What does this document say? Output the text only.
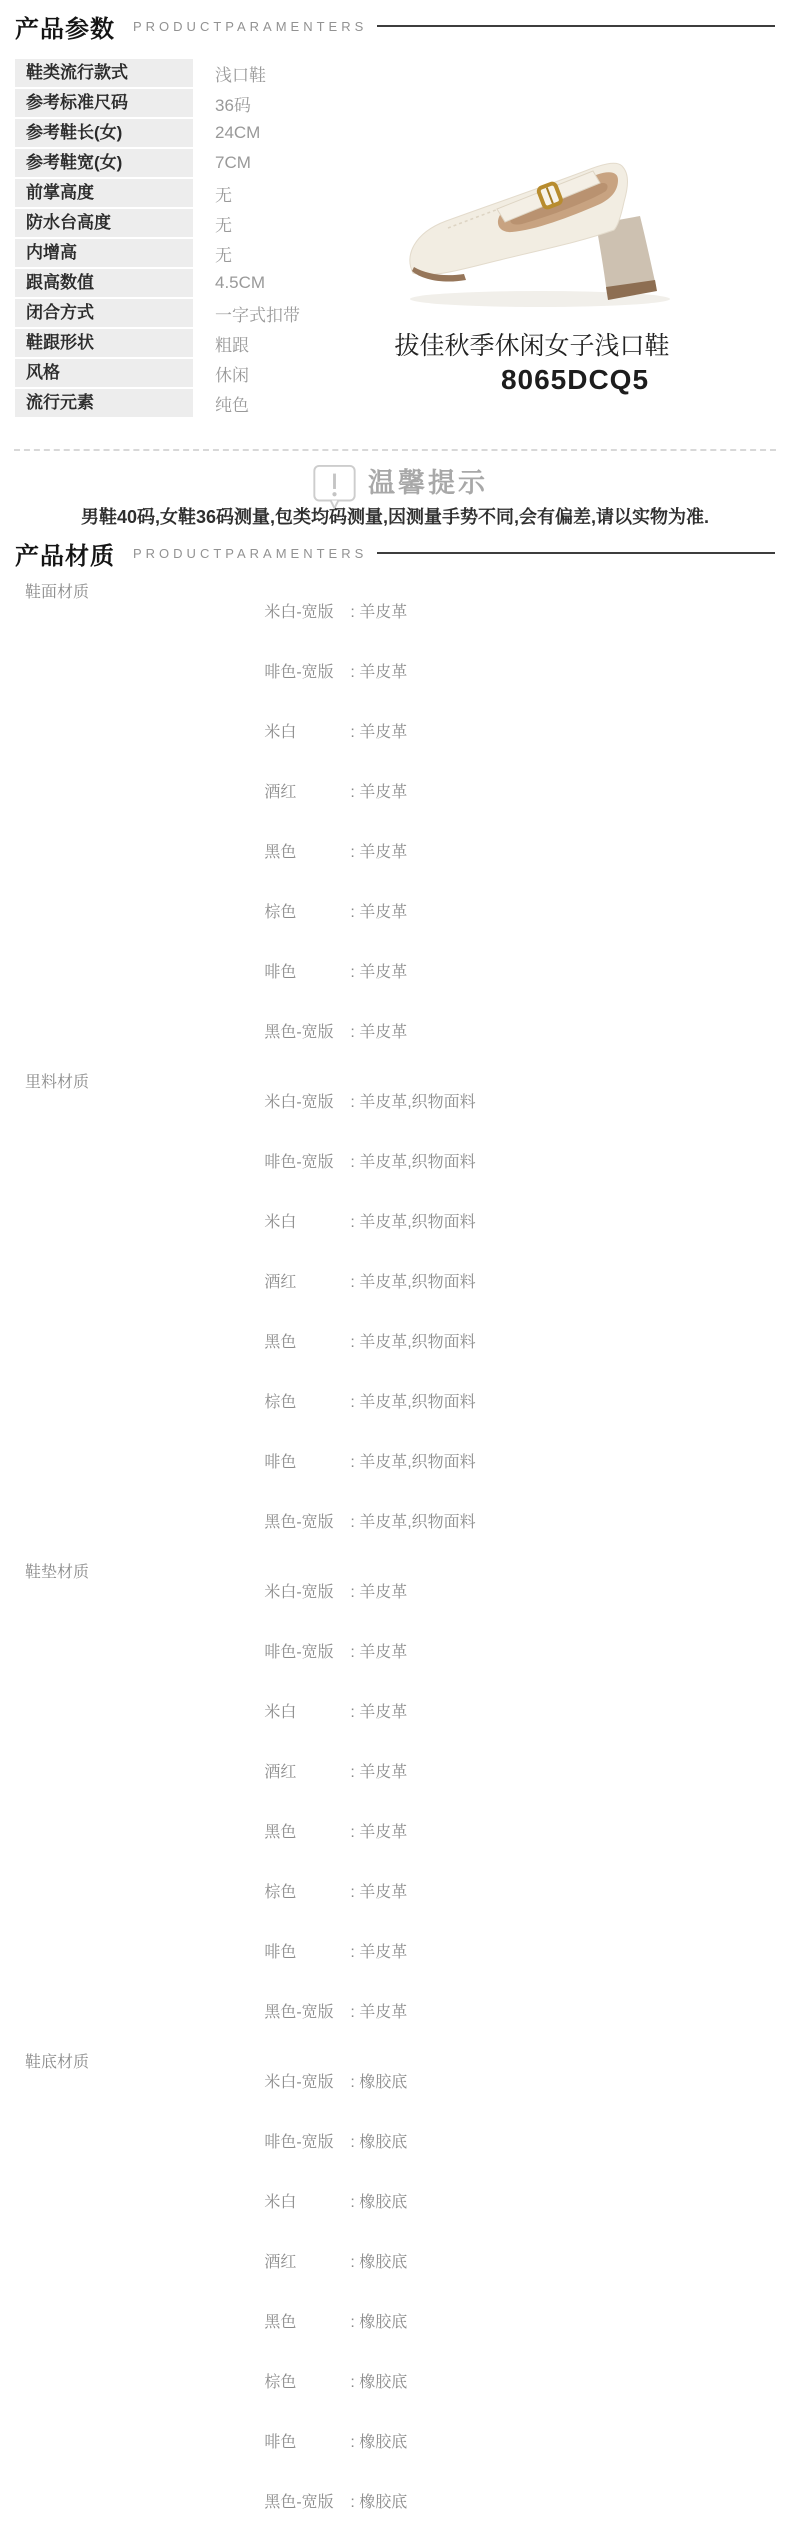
产品参数 PRODUCTPARAMENTERS
鞋类流行款式	浅口鞋
参考标准尺码	36码
参考鞋长(女)	24CM
参考鞋宽(女)	7CM
前掌高度	无
防水台高度	无
内增高	无
跟高数值	4.5CM
闭合方式	一字式扣带
鞋跟形状	粗跟
风格	休闲
流行元素	纯色
拔佳秋季休闲女子浅口鞋
8065DCQ5
温馨提示
男鞋40码,女鞋36码测量,包类均码测量,因测量手势不同,会有偏差,请以实物为准.
产品材质 PRODUCTPARAMENTERS
鞋面材质

米白-宽版 : 羊皮革

啡色-宽版 : 羊皮革

米白	: 羊皮革

酒红	: 羊皮革

黑色	: 羊皮革

棕色	: 羊皮革

啡色	: 羊皮革

黑色-宽版 : 羊皮革

里料材质

米白-宽版 : 羊皮革,织物面料

啡色-宽版 : 羊皮革,织物面料

米白	: 羊皮革,织物面料

酒红	: 羊皮革,织物面料

黑色	: 羊皮革,织物面料

棕色	: 羊皮革,织物面料

啡色	: 羊皮革,织物面料

黑色-宽版 : 羊皮革,织物面料

鞋垫材质

米白-宽版 : 羊皮革

啡色-宽版 : 羊皮革

米白	: 羊皮革

酒红	: 羊皮革

黑色	: 羊皮革

棕色	: 羊皮革

啡色	: 羊皮革

黑色-宽版 : 羊皮革

鞋底材质

米白-宽版 : 橡胶底

啡色-宽版 : 橡胶底

米白	: 橡胶底

酒红	: 橡胶底

黑色	: 橡胶底

棕色	: 橡胶底

啡色	: 橡胶底

黑色-宽版 : 橡胶底
